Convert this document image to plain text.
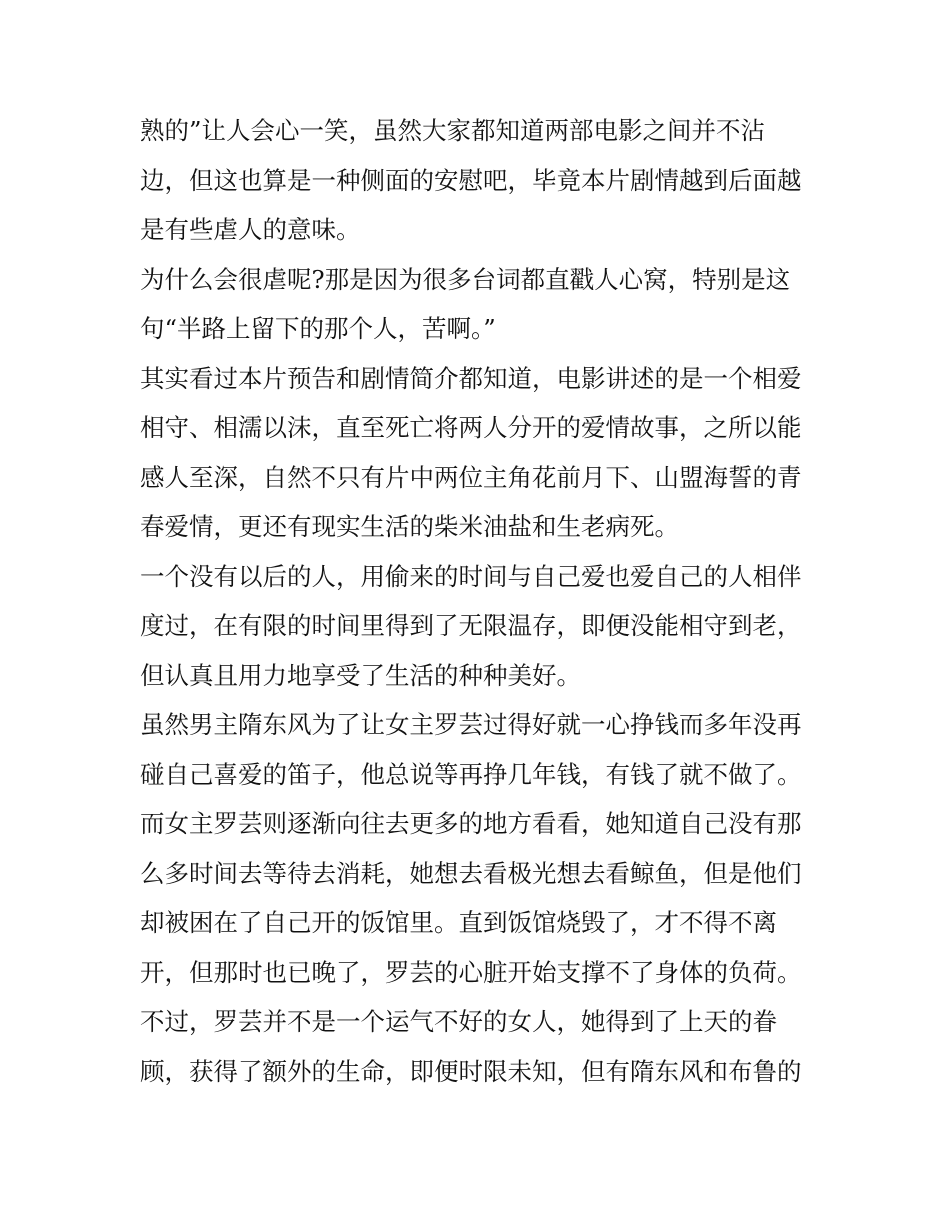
熟的”让人会心一笑，虽然大家都知道两部电影之间并不沾
边，但这也算是一种侧面的安慰吧，毕竟本片剧情越到后面越
是有些虐人的意味。
为什么会很虐呢?那是因为很多台词都直戳人心窝，特别是这
句“半路上留下的那个人，苦啊。”
其实看过本片预告和剧情简介都知道，电影讲述的是一个相爱
相守、相濡以沫，直至死亡将两人分开的爱情故事，之所以能
感人至深，自然不只有片中两位主角花前月下、山盟海誓的青
春爱情，更还有现实生活的柴米油盐和生老病死。
一个没有以后的人，用偷来的时间与自己爱也爱自己的人相伴
度过，在有限的时间里得到了无限温存，即便没能相守到老，
但认真且用力地享受了生活的种种美好。
虽然男主隋东风为了让女主罗芸过得好就一心挣钱而多年没再
碰自己喜爱的笛子，他总说等再挣几年钱，有钱了就不做了。
而女主罗芸则逐渐向往去更多的地方看看，她知道自己没有那
么多时间去等待去消耗，她想去看极光想去看鲸鱼，但是他们
却被困在了自己开的饭馆里。直到饭馆烧毁了，才不得不离
开，但那时也已晚了，罗芸的心脏开始支撑不了身体的负荷。
不过，罗芸并不是一个运气不好的女人，她得到了上天的眷
顾，获得了额外的生命，即便时限未知，但有隋东风和布鲁的
